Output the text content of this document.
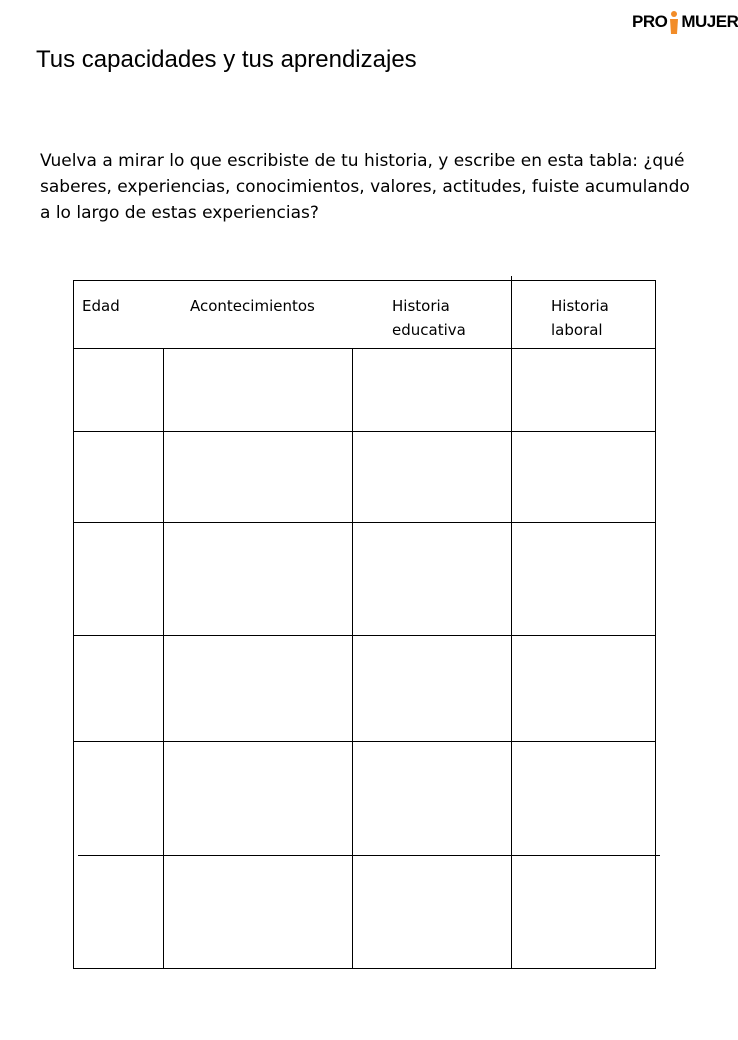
PRO MUJER
Tus capacidades y tus aprendizajes

Vuelva a mirar lo que escribiste de tu historia, y escribe en esta tabla: ¿qué saberes, experiencias, conocimientos, valores, actitudes, fuiste acumulando a lo largo de estas experiencias?

Edad	Acontecimientos	Historia
educativa
Historia
laboral
